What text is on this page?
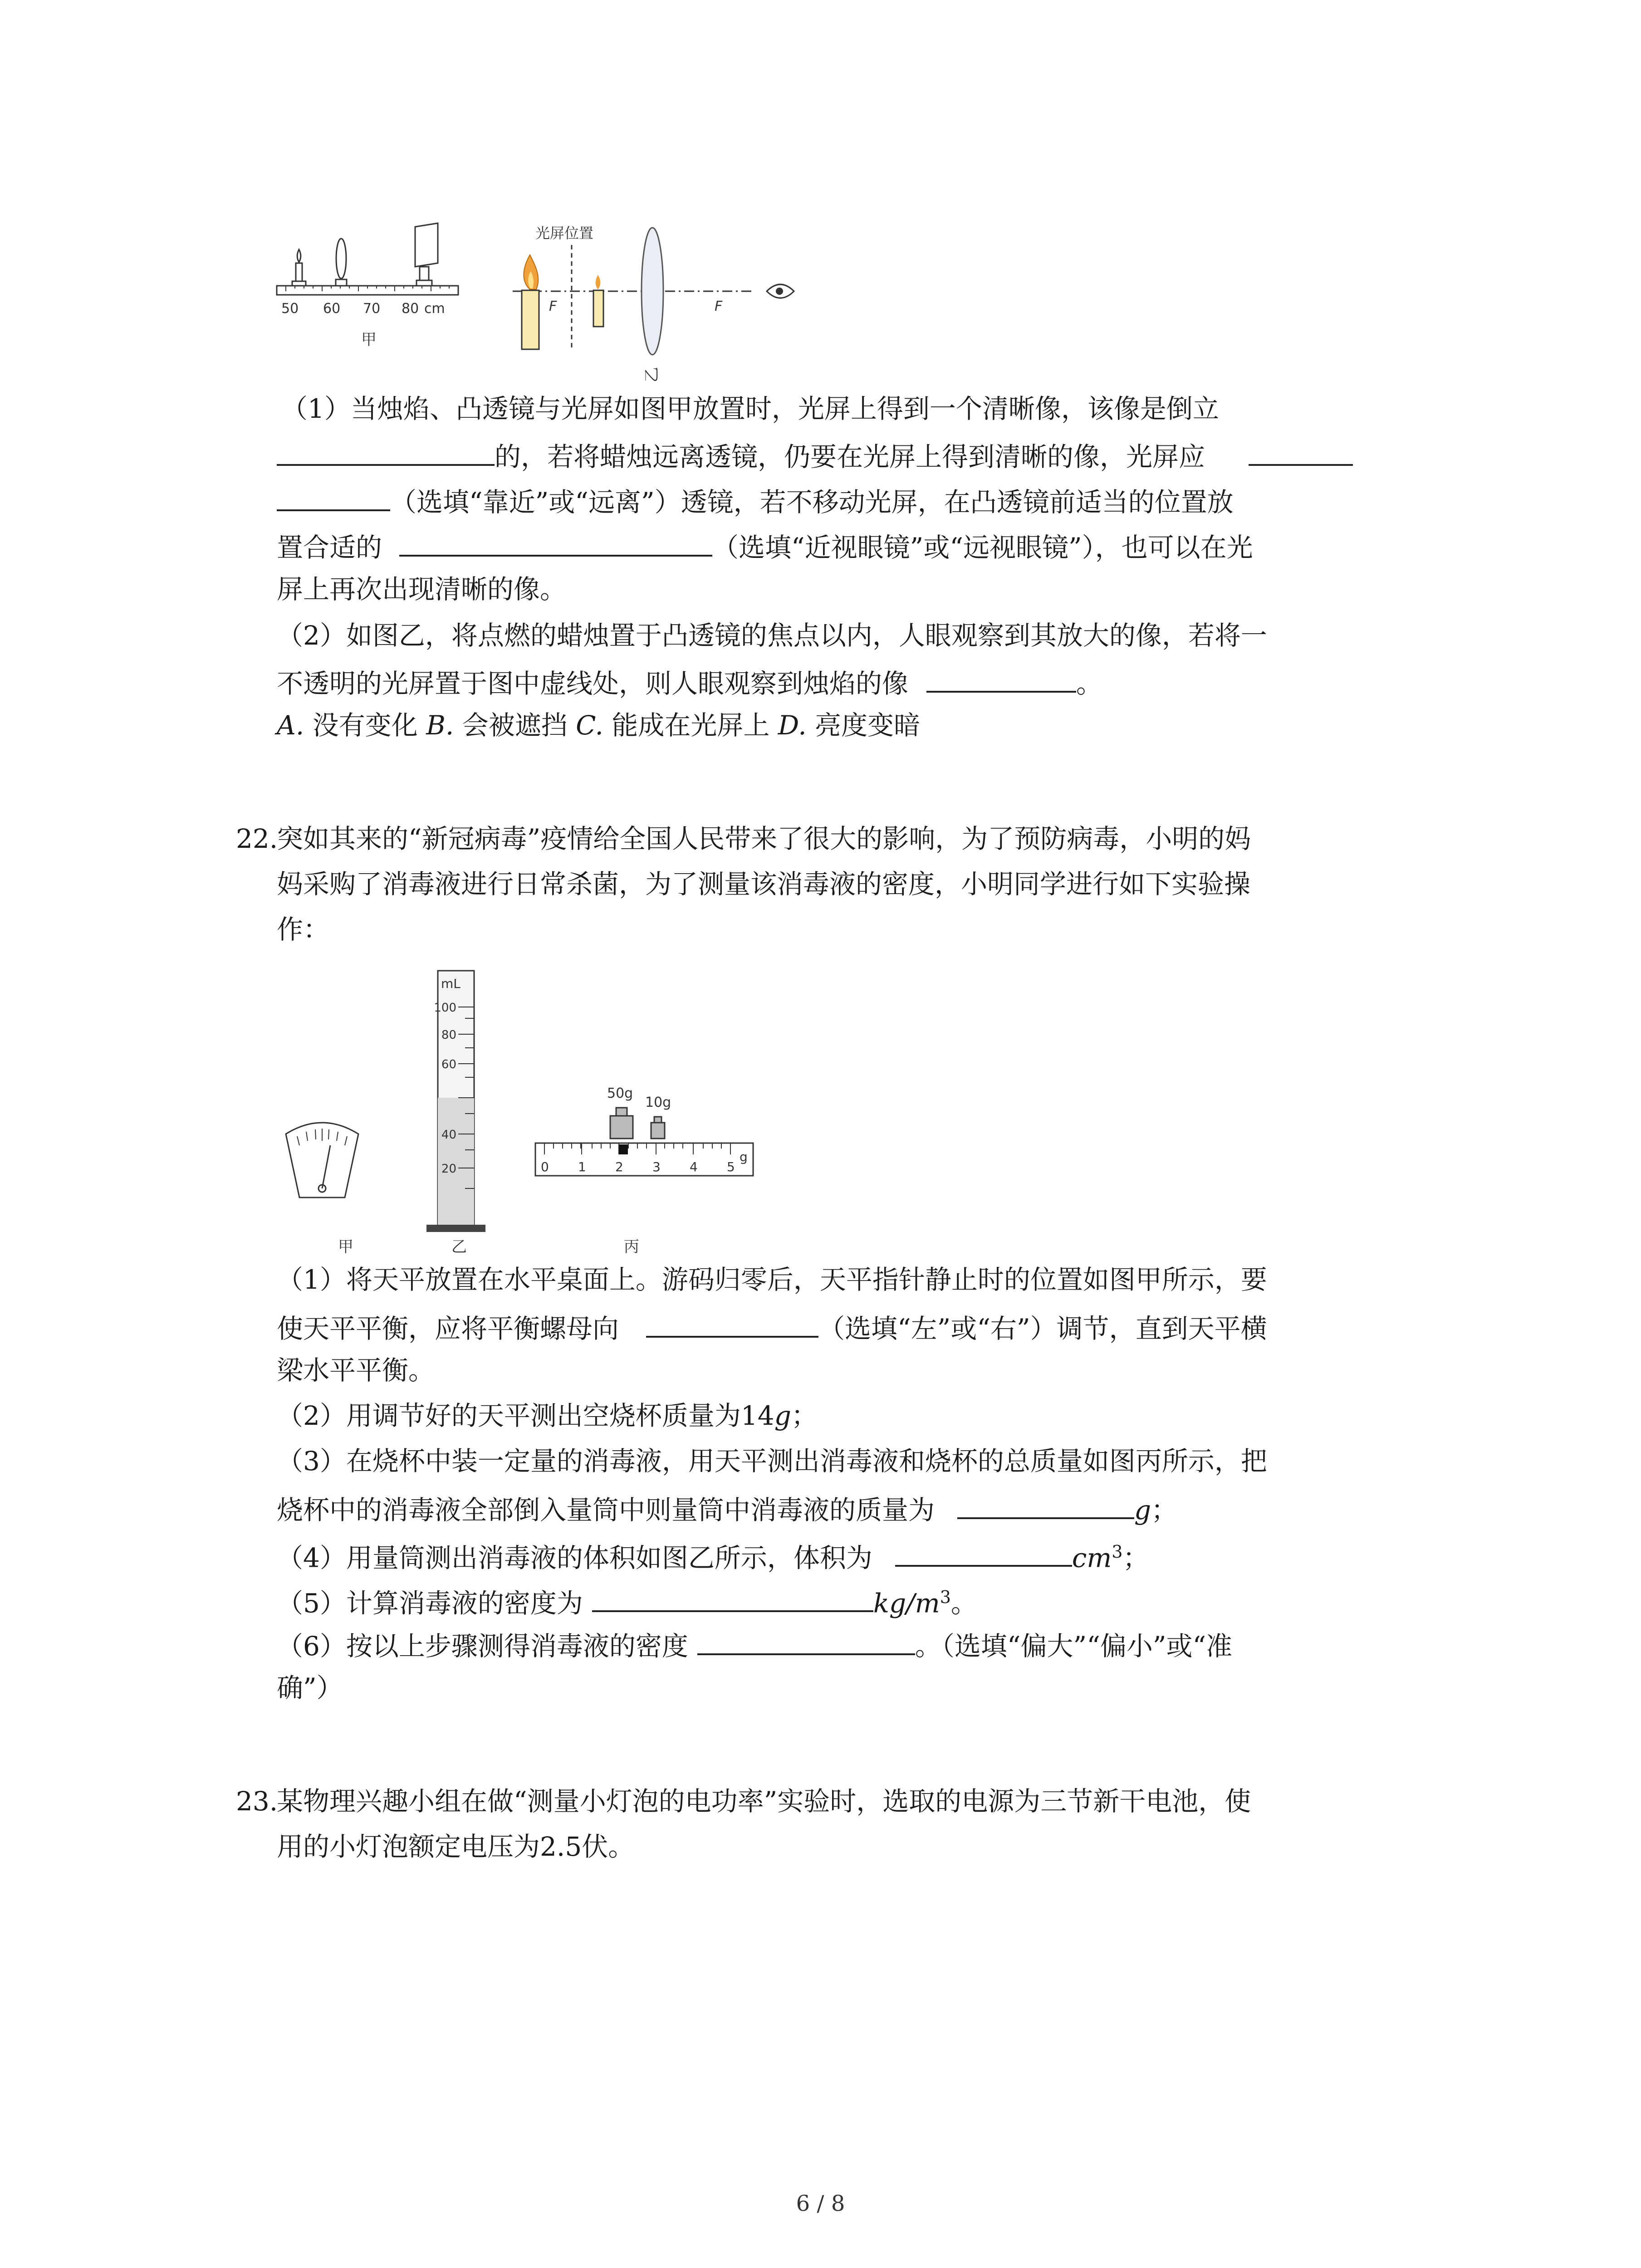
50 60 70 80 cm
甲
光屏位置
F	F
乙
（1）当烛焰、凸透镜与光屏如图甲放置时，光屏上得到一个清晰像，该像是倒立
的，若将蜡烛远离透镜，仍要在光屏上得到清晰的像，光屏应
（选填“靠近”或“远离”）透镜，若不移动光屏，在凸透镜前适当的位置放
置合适的	（选填“近视眼镜”或“远视眼镜”），也可以在光
屏上再次出现清晰的像。
（2）如图乙，将点燃的蜡烛置于凸透镜的焦点以内，人眼观察到其放大的像，若将一
不透明的光屏置于图中虚线处，则人眼观察到烛焰的像	。
A. 没有变化 B. 会被遮挡 C. 能成在光屏上 D. 亮度变暗
22.
突如其来的“新冠病毒”疫情给全国人民带来了很大的影响，为了预防病毒，小明的妈
妈采购了消毒液进行日常杀菌，为了测量该消毒液的密度，小明同学进行如下实验操
作：
甲
mL
100
80
60
40
20
乙
50g
10g
0 1 2 3 4 5
g
丙
（1）将天平放置在水平桌面上。游码归零后，天平指针静止时的位置如图甲所示，要
使天平平衡，应将平衡螺母向	（选填“左”或“右”）调节，直到天平横
梁水平平衡。
（2）用调节好的天平测出空烧杯质量为14g；
（3）在烧杯中装一定量的消毒液，用天平测出消毒液和烧杯的总质量如图丙所示，把
烧杯中的消毒液全部倒入量筒中则量筒中消毒液的质量为	g；
（4）用量筒测出消毒液的体积如图乙所示，体积为	$cm^3$；
（5）计算消毒液的密度为	$kg/m^3$。
（6）按以上步骤测得消毒液的密度	。（选填“偏大”“偏小”或“准
确”）
23.
某物理兴趣小组在做“测量小灯泡的电功率”实验时，选取的电源为三节新干电池，使
用的小灯泡额定电压为2.5伏。
6 / 8
